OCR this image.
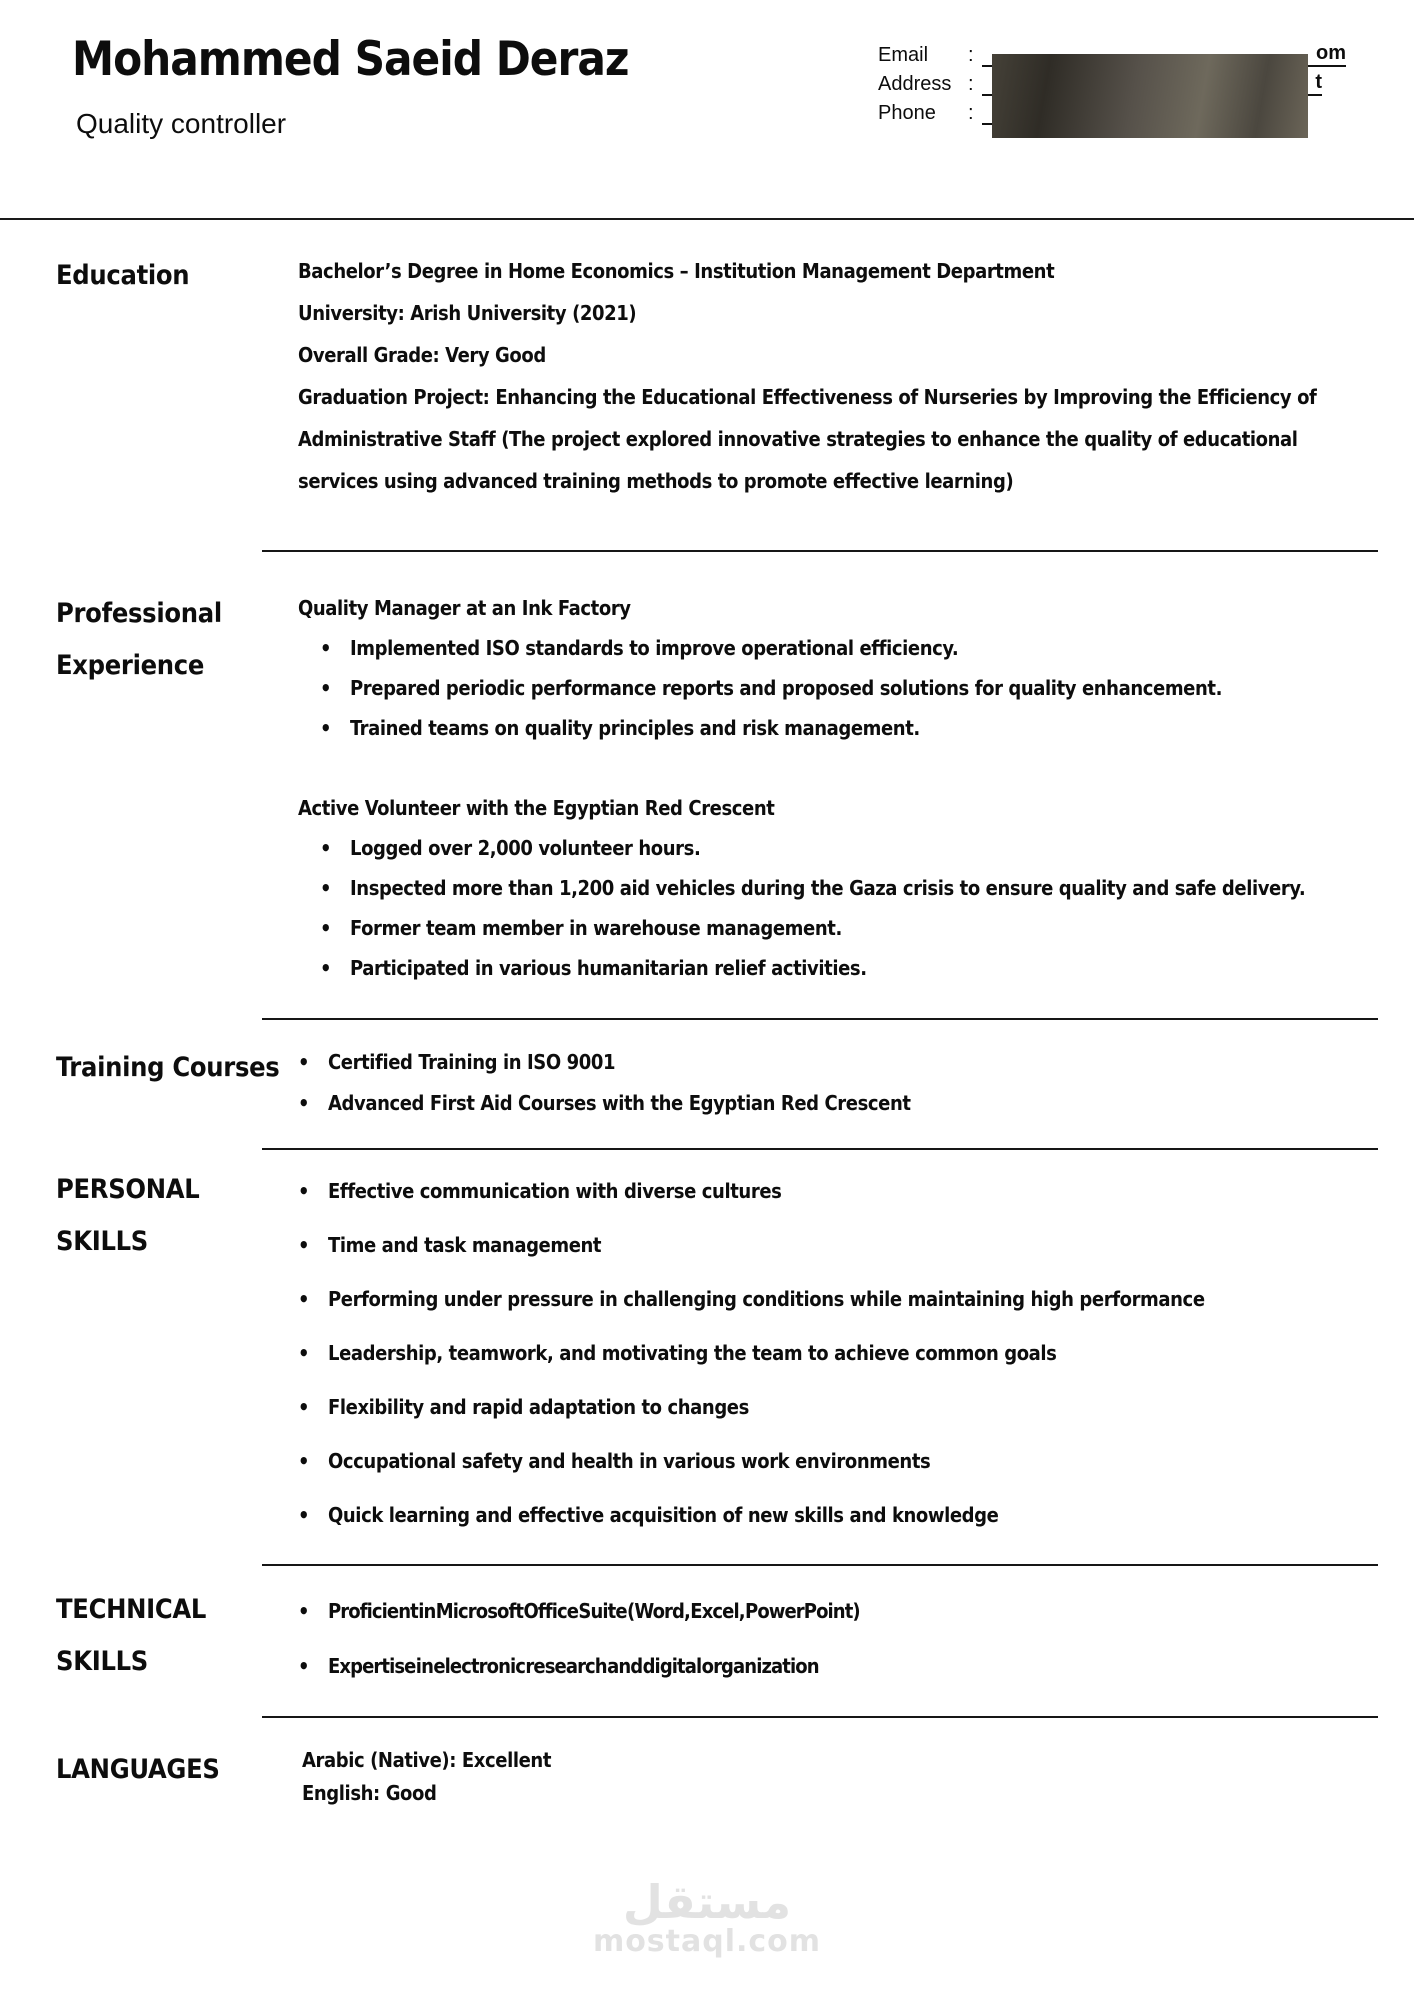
Mohammed Saeid Deraz
Quality controller
Email	:	om
Address :	t
Phone	:
Education	Bachelor’s Degree in Home Economics – Institution Management Department
University: Arish University (2021)
Overall Grade: Very Good
Graduation Project: Enhancing the Educational Effectiveness of Nurseries by Improving the Efficiency of Administrative Staff (The project explored innovative strategies to enhance the quality of educational services using advanced training methods to promote effective learning)
Professional Experience
Quality Manager at an Ink Factory
• Implemented ISO standards to improve operational efficiency.
• Prepared periodic performance reports and proposed solutions for quality enhancement.
• Trained teams on quality principles and risk management.
Active Volunteer with the Egyptian Red Crescent
• Logged over 2,000 volunteer hours.
• Inspected more than 1,200 aid vehicles during the Gaza crisis to ensure quality and safe delivery.
• Former team member in warehouse management.
• Participated in various humanitarian relief activities.
Training Courses • Certified Training in ISO 9001
• Advanced First Aid Courses with the Egyptian Red Crescent
PERSONAL SKILLS
• Effective communication with diverse cultures
• Time and task management
• Performing under pressure in challenging conditions while maintaining high performance
• Leadership, teamwork, and motivating the team to achieve common goals
• Flexibility and rapid adaptation to changes
• Occupational safety and health in various work environments
• Quick learning and effective acquisition of new skills and knowledge
TECHNICAL SKILLS
• Proficient in Microsoft Office Suite (Word, Excel, PowerPoint)
• Expertise in electronic research and digital organization
LANGUAGES	Arabic (Native): Excellent
English: Good
مستقل
mostaql.com
